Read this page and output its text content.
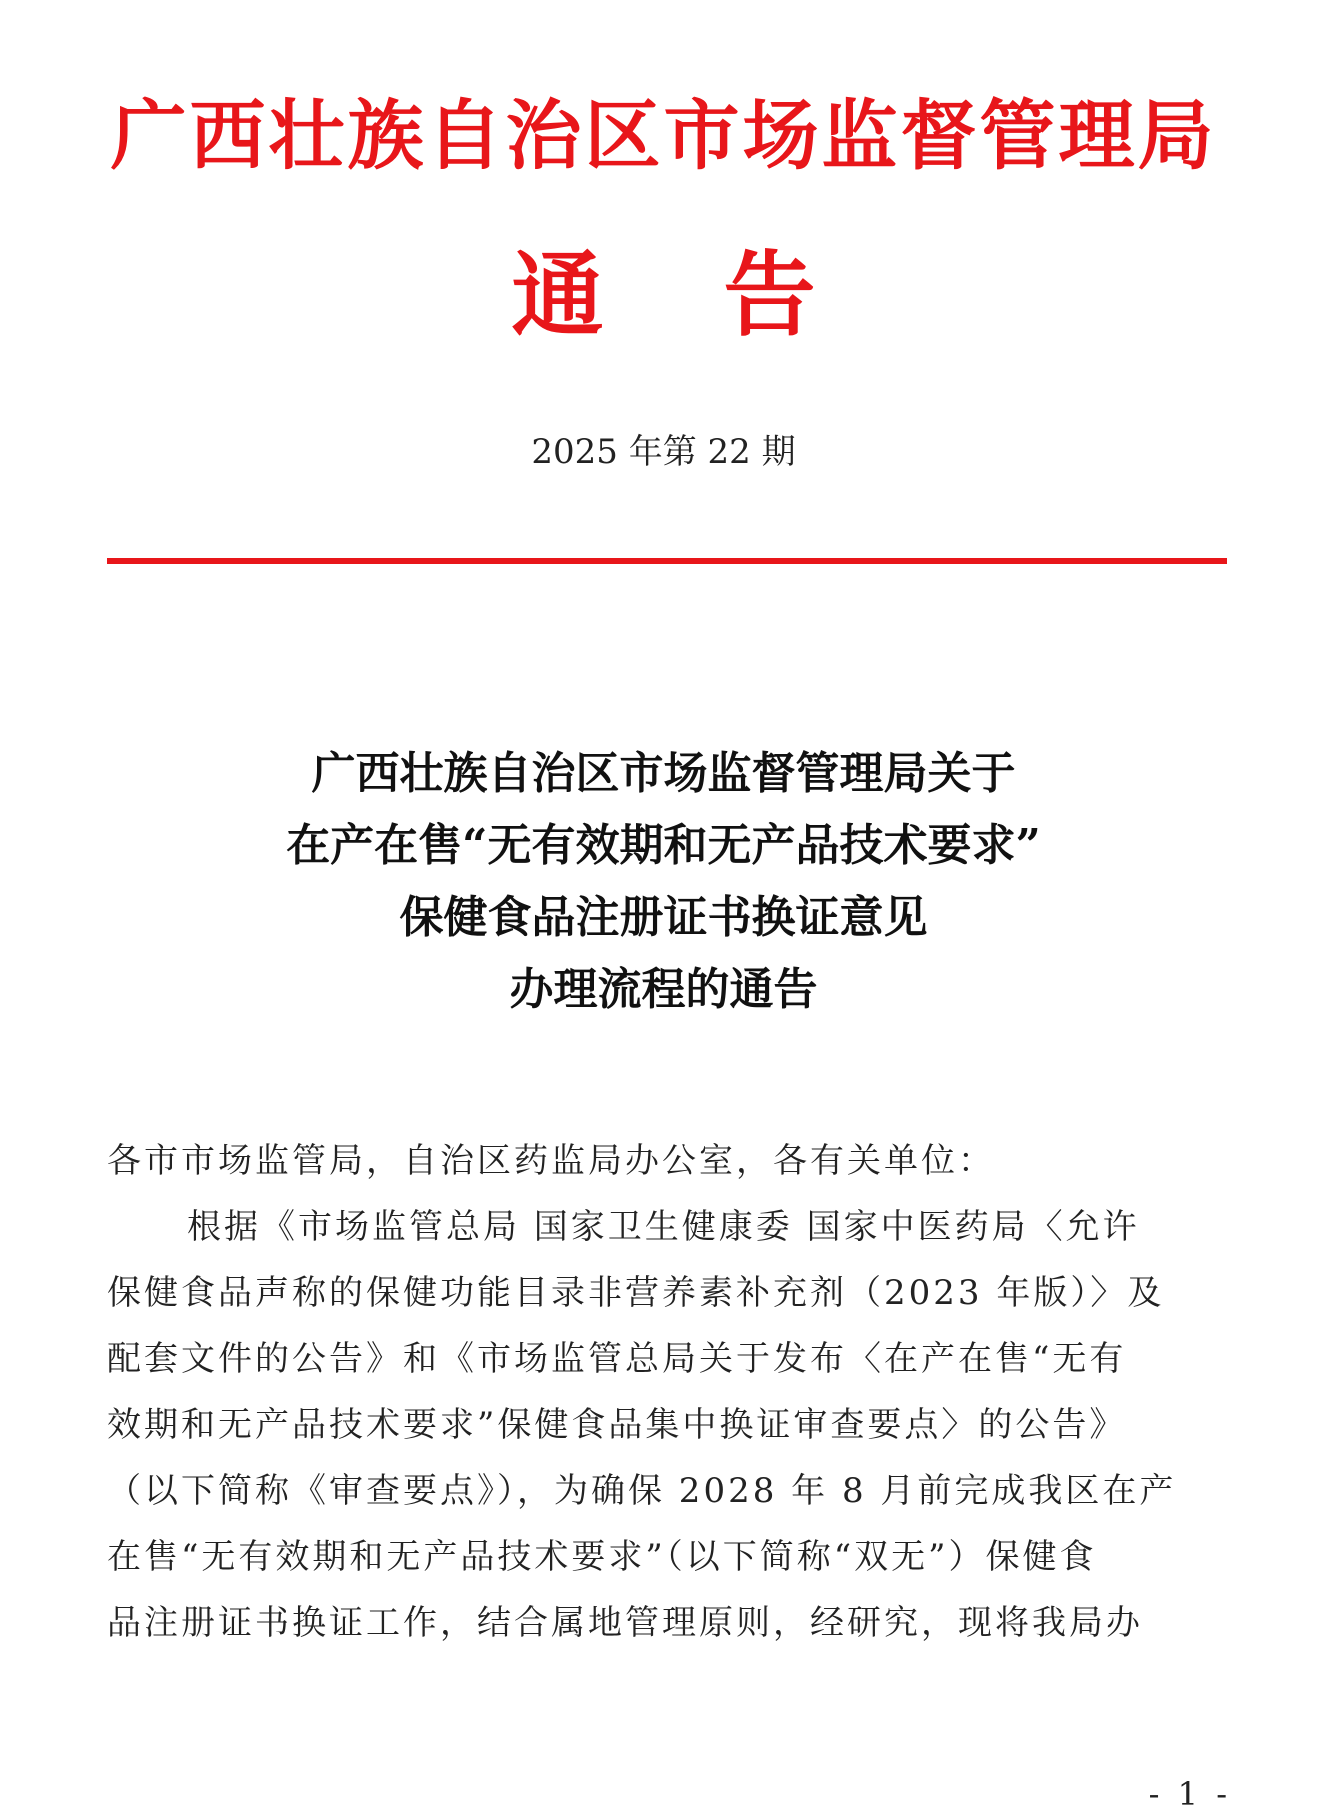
广西壮族自治区市场监督管理局
通告
2025 年第 22 期
广西壮族自治区市场监督管理局关于
在产在售“无有效期和无产品技术要求”
保健食品注册证书换证意见
办理流程的通告
各市市场监管局，自治区药监局办公室，各有关单位：
根据《市场监管总局 国家卫生健康委 国家中医药局〈允许
保健食品声称的保健功能目录非营养素补充剂（2023 年版）〉及
配套文件的公告》和《市场监管总局关于发布〈在产在售“无有
效期和无产品技术要求”保健食品集中换证审查要点〉的公告》
（以下简称《审查要点》），为确保 2028 年 8 月前完成我区在产
在售“无有效期和无产品技术要求”（以下简称“双无”）保健食
品注册证书换证工作，结合属地管理原则，经研究，现将我局办
- 1 -
